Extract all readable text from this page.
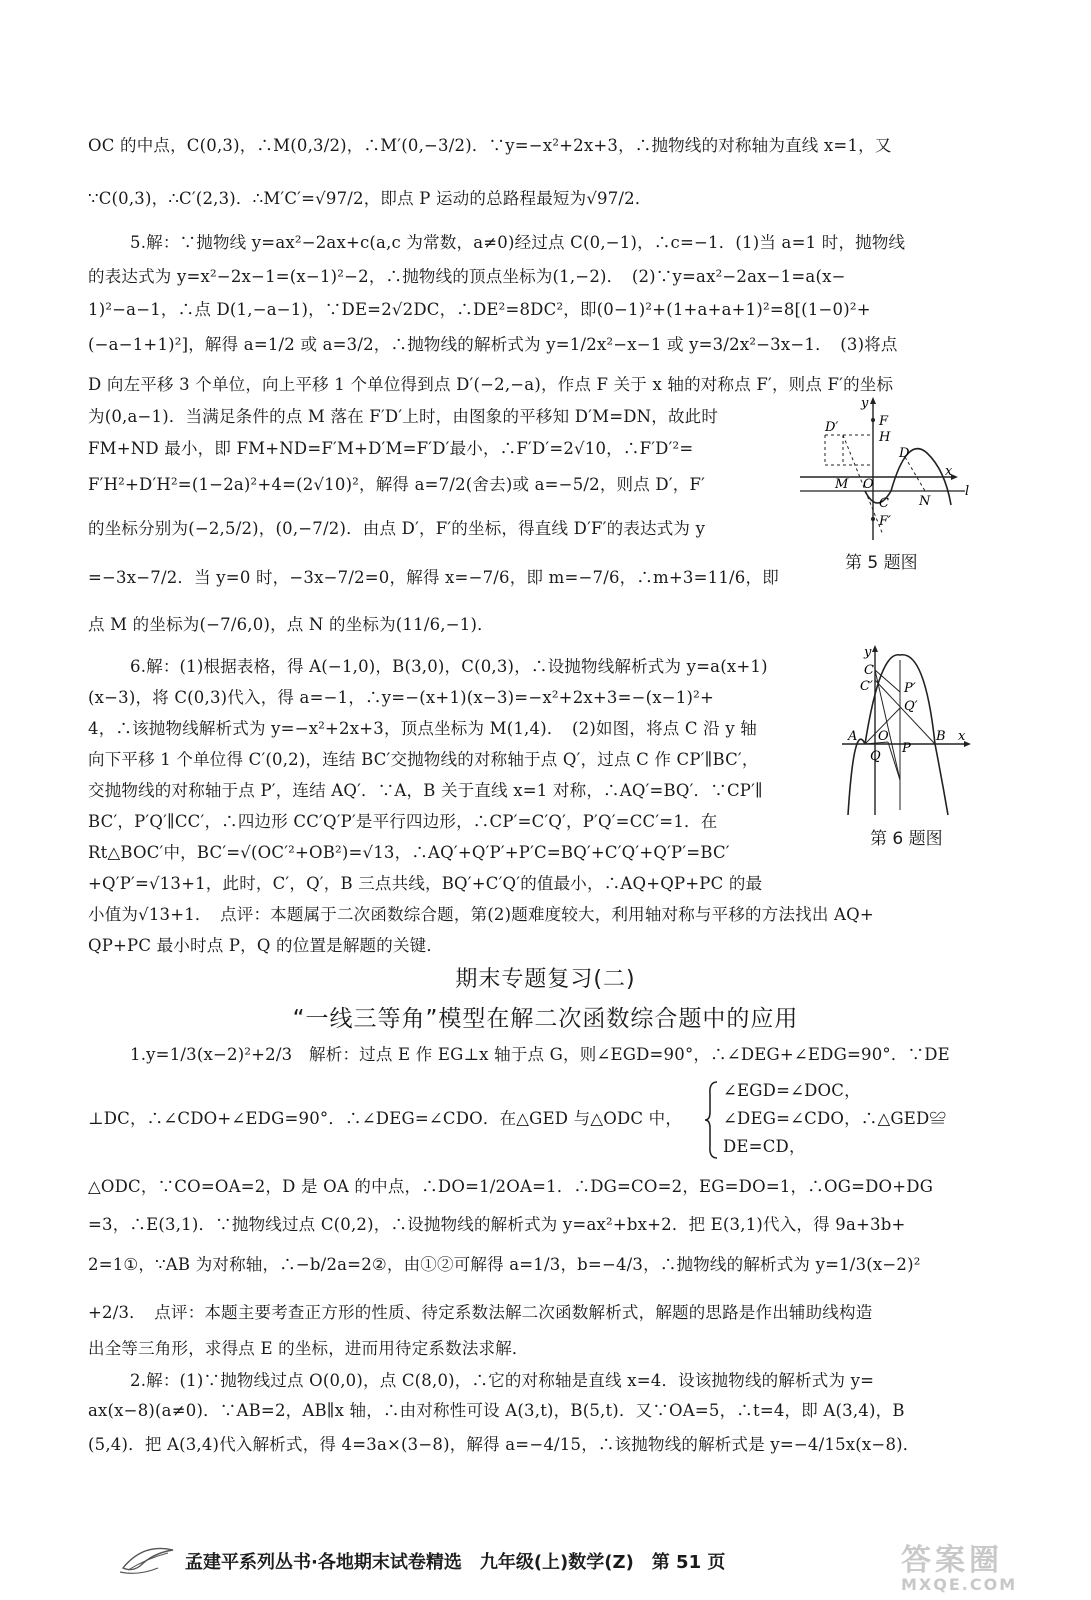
OC 的中点，C(0,3)，∴M(0,3/2)，∴M′(0,−3/2)．∵y=−x²+2x+3，∴抛物线的对称轴为直线 x=1，又
∵C(0,3)，∴C′(2,3)．∴M′C′=√97/2，即点 P 运动的总路程最短为√97/2．
5.解：∵抛物线 y=ax²−2ax+c(a,c 为常数，a≠0)经过点 C(0,−1)，∴c=−1．(1)当 a=1 时，抛物线
的表达式为 y=x²−2x−1=(x−1)²−2，∴抛物线的顶点坐标为(1,−2)．　(2)∵y=ax²−2ax−1=a(x−
1)²−a−1，∴点 D(1,−a−1)，∵DE=2√2DC，∴DE²=8DC²，即(0−1)²+(1+a+a+1)²=8[(1−0)²+
(−a−1+1)²]，解得 a=1/2 或 a=3/2，∴抛物线的解析式为 y=1/2x²−x−1 或 y=3/2x²−3x−1．　(3)将点
D 向左平移 3 个单位，向上平移 1 个单位得到点 D′(−2,−a)，作点 F 关于 x 轴的对称点 F′，则点 F′的坐标
为(0,a−1)．当满足条件的点 M 落在 F′D′上时，由图象的平移知 D′M=DN，故此时
FM+ND 最小，即 FM+ND=F′M+D′M=F′D′最小，∴F′D′=2√10，∴F′D′²=
F′H²+D′H²=(1−2a)²+4=(2√10)²，解得 a=7/2(舍去)或 a=−5/2，则点 D′，F′
的坐标分别为(−2,5/2)，(0,−7/2)．由点 D′，F′的坐标，得直线 D′F′的表达式为 y
=−3x−7/2．当 y=0 时，−3x−7/2=0，解得 x=−7/6，即 m=−7/6，∴m+3=11/6，即
点 M 的坐标为(−7/6,0)，点 N 的坐标为(11/6,−1)．
6.解：(1)根据表格，得 A(−1,0)，B(3,0)，C(0,3)，∴设抛物线解析式为 y=a(x+1)
(x−3)，将 C(0,3)代入，得 a=−1，∴y=−(x+1)(x−3)=−x²+2x+3=−(x−1)²+
4，∴该抛物线解析式为 y=−x²+2x+3，顶点坐标为 M(1,4)．　(2)如图，将点 C 沿 y 轴
向下平移 1 个单位得 C′(0,2)，连结 BC′交抛物线的对称轴于点 Q′，过点 C 作 CP′∥BC′，
交抛物线的对称轴于点 P′，连结 AQ′．∵A，B 关于直线 x=1 对称，∴AQ′=BQ′．∵CP′∥
BC′，P′Q′∥CC′，∴四边形 CC′Q′P′是平行四边形，∴CP′=C′Q′，P′Q′=CC′=1．在
Rt△BOC′中，BC′=√(OC′²+OB²)=√13，∴AQ′+Q′P′+P′C=BQ′+C′Q′+Q′P′=BC′
+Q′P′=√13+1，此时，C′，Q′，B 三点共线，BQ′+C′Q′的值最小，∴AQ+QP+PC 的最
小值为√13+1．　点评：本题属于二次函数综合题，第(2)题难度较大，利用轴对称与平移的方法找出 AQ+
QP+PC 最小时点 P，Q 的位置是解题的关键．
1.y=1/3(x−2)²+2/3　解析：过点 E 作 EG⊥x 轴于点 G，则∠EGD=90°，∴∠DEG+∠EDG=90°．∵DE
⊥DC，∴∠CDO+∠EDG=90°．∴∠DEG=∠CDO．在△GED 与△ODC 中，
△ODC，∵CO=OA=2，D 是 OA 的中点，∴DO=1/2OA=1．∴DG=CO=2，EG=DO=1，∴OG=DO+DG
=3，∴E(3,1)．∵抛物线过点 C(0,2)，∴设抛物线的解析式为 y=ax²+bx+2．把 E(3,1)代入，得 9a+3b+
2=1①，∵AB 为对称轴，∴−b/2a=2②，由①②可解得 a=1/3，b=−4/3，∴抛物线的解析式为 y=1/3(x−2)²
+2/3．　点评：本题主要考查正方形的性质、待定系数法解二次函数解析式，解题的思路是作出辅助线构造
出全等三角形，求得点 E 的坐标，进而用待定系数法求解．
2.解：(1)∵抛物线过点 O(0,0)，点 C(8,0)，∴它的对称轴是直线 x=4．设该抛物线的解析式为 y=
ax(x−8)(a≠0)．∵AB=2，AB∥x 轴，∴由对称性可设 A(3,t)，B(5,t)．又∵OA=5，∴t=4，即 A(3,4)，B
(5,4)．把 A(3,4)代入解析式，得 4=3a×(3−8)，解得 a=−4/15，∴该抛物线的解析式是 y=−4/15x(x−8)．
∠EGD=∠DOC，
∠DEG=∠CDO，∴△GED≌
DE=CD，
y
F
D′
H
D
M O
x
C N
l
F′
第 5 题图
y
C
C′ P′
Q′
A O
Q
P
B x
第 6 题图
期末专题复习(二)
“一线三等角”模型在解二次函数综合题中的应用
孟建平系列丛书·各地期末试卷精选　九年级(上)数学(Z)　第 51 页	答案圈
MXQE.COM
